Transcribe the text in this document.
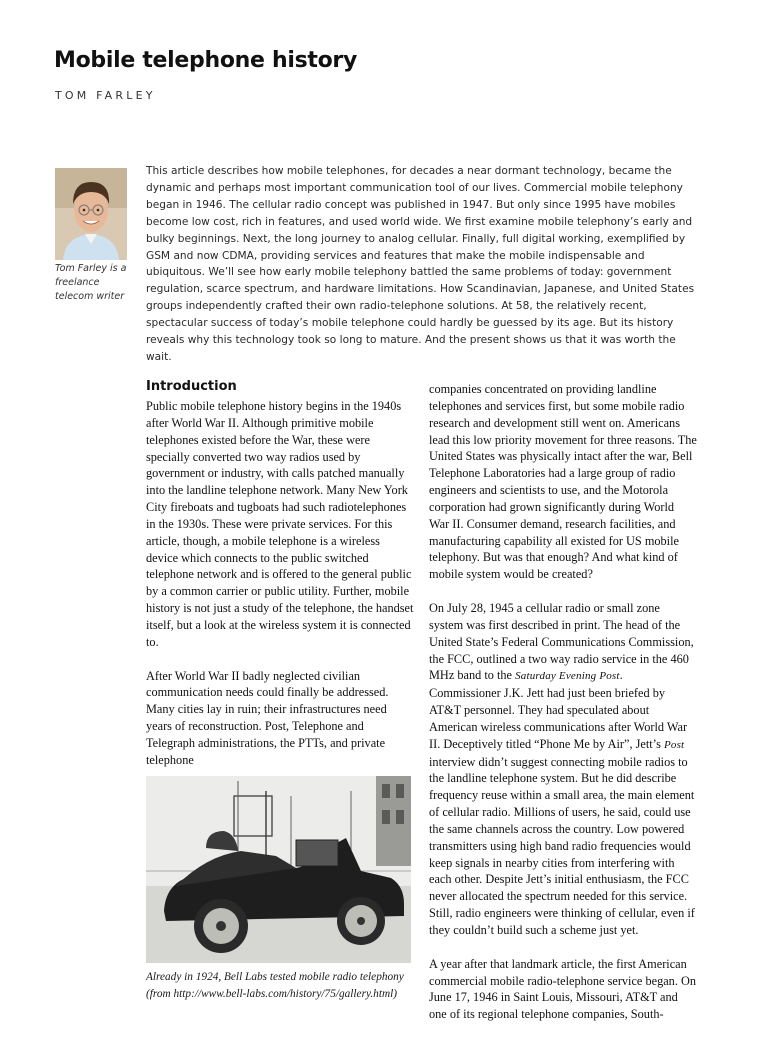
Mobile telephone history
TOM FARLEY
Tom Farley is a freelance telecom writer

This article describes how mobile telephones, for decades a near dormant technology, became the dynamic and perhaps most important communication tool of our lives. Commercial mobile telephony began in 1946. The cellular radio concept was published in 1947. But only since 1995 have mobiles become low cost, rich in features, and used world wide. We first examine mobile telephony’s early and bulky beginnings. Next, the long journey to analog cellular. Finally, full digital working, exemplified by GSM and now CDMA, providing services and features that make the mobile indispensable and ubiquitous. We’ll see how early mobile telephony battled the same problems of today: government regulation, scarce spectrum, and hardware limitations. How Scandinavian, Japanese, and United States groups independently crafted their own radio-telephone solutions. At 58, the relatively recent, spectacular success of today’s mobile telephone could hardly be guessed by its age. But its history reveals why this technology took so long to mature. And the present shows us that it was worth the wait.

Introduction

Public mobile telephone history begins in the 1940s after World War II. Although primitive mobile telephones existed before the War, these were specially converted two way radios used by government or industry, with calls patched manually into the landline telephone network. Many New York City fireboats and tugboats had such radiotelephones in the 1930s. These were private services. For this article, though, a mobile telephone is a wireless device which connects to the public switched telephone network and is offered to the general public by a common carrier or public utility. Further, mobile history is not just a study of the telephone, the handset itself, but a look at the wireless system it is connected to.

After World War II badly neglected civilian communication needs could finally be addressed. Many cities lay in ruin; their infrastructures need years of reconstruction. Post, Telephone and Telegraph administrations, the PTTs, and private telephone

Already in 1924, Bell Labs tested mobile radio telephony (from http://www.bell-labs.com/history/75/gallery.html)

companies concentrated on providing landline telephones and services first, but some mobile radio research and development still went on. Americans lead this low priority movement for three reasons. The United States was physically intact after the war, Bell Telephone Laboratories had a large group of radio engineers and scientists to use, and the Motorola corporation had grown significantly during World War II. Consumer demand, research facilities, and manufacturing capability all existed for US mobile telephony. But was that enough? And what kind of mobile system would be created?

On July 28, 1945 a cellular radio or small zone system was first described in print. The head of the United State’s Federal Communications Commission, the FCC, outlined a two way radio service in the 460 MHz band to the Saturday Evening Post. Commissioner J.K. Jett had just been briefed by AT&T personnel. They had speculated about American wireless communications after World War II. Deceptively titled “Phone Me by Air”, Jett’s Post interview didn’t suggest connecting mobile radios to the landline telephone system. But he did describe frequency reuse within a small area, the main element of cellular radio. Millions of users, he said, could use the same channels across the country. Low powered transmitters using high band radio frequencies would keep signals in nearby cities from interfering with each other. Despite Jett’s initial enthusiasm, the FCC never allocated the spectrum needed for this service. Still, radio engineers were thinking of cellular, even if they couldn’t build such a scheme just yet.

A year after that landmark article, the first American commercial mobile radio-telephone service began. On June 17, 1946 in Saint Louis, Missouri, AT&T and one of its regional telephone companies, South-
